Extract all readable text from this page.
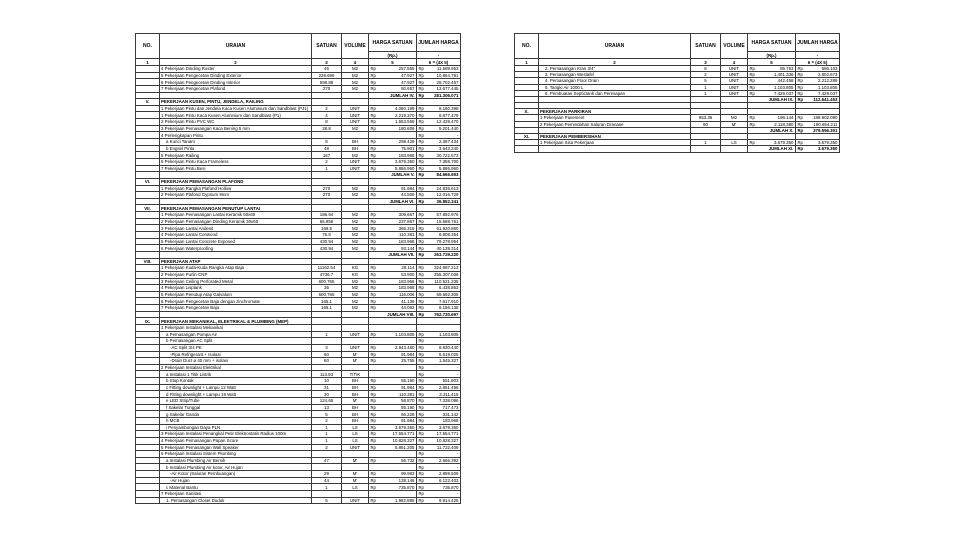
NO.	URAIAN	SATUAN	VOLUME	HARGA SATUAN	JUMLAH HARGA
				(Rp.)	-
1	2	3	4	5	6 = (4X 5)
	4 Pekerjaan Dinding Roster	45	M2	Rp 257.555	Rp 11.589.953

	5 Pekerjaan Pengecetan Dinding Exterior	228.695	M2	Rp 47.927	Rp 10.864.791

	6 Pekerjaan Pengecetan Dinding Interior	598.88	M2	Rp 47.927	Rp 28.702.467

	7 Pekerjaan Pengecetan Plafond	270	M2	Rp 50.657	Rp 13.677.445

				JUMLAH IV.	Rp 281.306.071

V.	PEKERJAAN KUSEN, PINTU, JENDELA, RAILING				
	1 Pekerjaan Pintu dan Jendela Kaca Kusen Aluminium dan Sandblast (PJ1)	2	UNIT	Rp 4.080.199	Rp 8.160.398

	1 Pekerjaan Pintu Kaca Kusen Aluminium dan Sandblast (P1)	4	UNIT	Rp 2.219.370	Rp 8.877.479

	2 Pekerjaan Pintu PVC WC	8	UNIT	Rp 1.553.559	Rp 12.428.470

	3 Pekerjaan Pemasangan Kaca Bening 5 mm	28.8	M2	Rp 180.606	Rp 5.201.440

	4 Perlengkapan Pintu				Rp -

	a Kunci Tanam	8	BH	Rp 298.429	Rp 2.387.434

	b Engsel Pintu	48	BH	Rp 75.901	Rp 3.643.240

	5 Pekerjaan Railing	167	M2	Rp 183.968	Rp 30.722.573

	6 Pekerjaan Pintu Kaca Frameless	2	UNIT	Rp 3.679.350	Rp 7.358.700

	7 Pekerjaan Pintu Besi	1	UNIT	Rp 5.886.960	Rp 5.886.960

				JUMLAH V.	Rp 84.666.693

VI.	PEKERJAAN PEMASANGAN PLAFOND				
	1 Pekerjaan Rangka Plafond Hollow	270	M2	Rp 91.984	Rp 24.835.613

	2 Pekerjaan Plafond Gypsum 9mm	270	M2	Rp 44.506	Rp 12.016.729

				JUMLAH VI.	Rp 36.852.341

VII.	PEKERJAAN PEMASANGAN PENUTUP LANTAI				
	1 Pekerjaan Pemasangan Lantai Keramik 60x60	186.94	M2	Rp 309.667	Rp 57.892.976

	2 Pekerjaan Pemasangan Dinding Keramik 30x60	65.956	M2	Rp 237.867	Rp 15.688.751

	3 Pekerjaan Lantai Andesit	169.5	M2	Rp 365.315	Rp 61.920.860

	4 Pekerjaan Lantai Conwood	76.8	M2	Rp 110.381	Rp 8.808.354

	5 Pekerjaan Lantai Concrete Exposed	430.94	M2	Rp 183.968	Rp 79.278.954

	6 Pekerjaan Waterproofing	430.94	M2	Rp 93.144	Rp 40.139.314

				JUMLAH VII.	Rp 263.729.220

VIII.	PEKERJAAN ATAP				
	1 Pekerjaan Kuda-Kuda Rangka Atap Baja	11162.54	KG	Rp 29.114	Rp 324.987.213

	2 Pekerjaan Purlin CNP	4736.7	KG	Rp 53.900	Rp 255.307.036

	3 Pekerjaan Ceiling Perforated Metal	600.765	M2	Rp 183.968	Rp 110.521.235

	4 Pekerjaan Lisplank	35	M2	Rp 183.968	Rp 6.438.863

	5 Pekerjaan Penutup Atap Galvalum	600.765	M2	Rp 116.006	Rp 69.692.305

	6 Pekerjaan Pengecetan Baja dengan zinchromate	165.1	M2	Rp 41.136	Rp 7.617.910

	7 Pekerjaan Pengecetan Baja	165.1	M2	Rp 44.063	Rp 8.156.135

				JUMLAH VIII.	Rp 762.720.697

IX.	PEKERJAAN MEKANIKAL, ELEKTRIKAL & PLUMBING (MEP)				
	1 Pekerjaan Instalasi Mekanikal				
	a Pemasangan Pompa Air	1	UNIT	Rp 1.103.805	Rp 1.103.805

	b Pemasangan AC Split				Rp -

	-AC Split 3/4 PK	3	UNIT	Rp 2.943.480	Rp 8.830.440

	-Pipa Refrigerant + Isolasi	60	M'	Rp 91.984	Rp 5.519.025

	-Drain Duct ø 40 mm + isolasi	60	M'	Rp 25.755	Rp 1.545.327

	2 Pekerjaan Instalasi Elektrikal				Rp -

	a Instalasi 1 Titik Listrik	113.93	TITIK		Rp -

	b Stop Kontak	10	BH	Rp 55.190	Rp 551.903

	c Fitting downlight + Lampu 12 Watt	31	BH	Rp 91.984	Rp 2.851.496

	d Fitting downlight + Lampu 19 Watt	30	BH	Rp 110.381	Rp 3.311.415

	e LED Strip/Tube	124.65	M'	Rp 58.870	Rp 7.338.096

	f Sakelar Tunggal	13	BH	Rp 55.190	Rp 717.473

	g Sakelar Ganda	5	BH	Rp 66.228	Rp 331.142

	h MCB	2	BH	Rp 91.984	Rp 183.968

	i Penyambungan Daya PLN	1	LS	Rp 3.679.350	Rp 3.679.350

	3 Pekerjaan Instalasi Penangkal Petir Elektrostatis Radius 100m	1	LS	Rp 17.554.771	Rp 17.554.771

	4 Pekerjaan Pemasangan Papan Score	1	LS	Rp 10.828.327	Rp 10.828.327

	5 Pekerjaan Pemasangan Wall Speaker	2	UNIT	Rp 5.861.205	Rp 11.722.409

	6 Pekerjaan Instalasi Sistem Plumbing				Rp -

	a Instalasi Plumbing Air Bersih	47	M'	Rp 56.732	Rp 2.666.392

	b Instalasi Plumbing Air kotor, Air Hujan				Rp -

	-Air Kotor (Saluran Pembuangan)	29	M'	Rp 99.983	Rp 2.899.509

	-Air Hujan	44	M'	Rp 139.146	Rp 6.122.403

	c Material Bantu	1	LS	Rp 735.870	Rp 735.870

	7 Pekerjaan Sanitasi				Rp -

	1. Pemasangan Closet Duduk	5	UNIT	Rp 1.982.885	Rp 9.914.425
NO.	URAIAN	SATUAN	VOLUME	HARGA SATUAN	JUMLAH HARGA
				(Rp.)	-
1	2	3	4	5	6 = (4X 5)
	2. Pemasangan Kran 3/4"	8	UNIT	Rp 85.763	Rp 686.103

	3. Pemasangan Westafel	2	UNIT	Rp 1.401.336	Rp 2.802.673

	4. Pemasangan Floor Drain	5	UNIT	Rp 442.458	Rp 2.212.289

	5. Tangki Air 1000 L	1	UNIT	Rp 1.103.805	Rp 1.103.805

	6. Pembuatan Septictank dan Peresapan	1	UNIT	Rp 7.429.037	Rp 7.429.037

				JUMLAH IX.	Rp 112.641.453

X.	PEKERJAAN PARKIRAN				
	1 Pekerjaan Pavement	953.36	M2	Rp 198.144	Rp 188.902.090

	2 Pekerjaan Pemindahan Saluran Dranase	90	M'	Rp 2.118.380	Rp 190.654.211

				JUMLAH X.	Rp 379.556.301

XI.	PEKERJAAN PEMBERSIHAN				
	1 Pekerjaan Sisa Pekerjaan	1	LS	Rp 3.679.350	Rp 3.679.350

				JUMLAH XI.	Rp 3.679.350
